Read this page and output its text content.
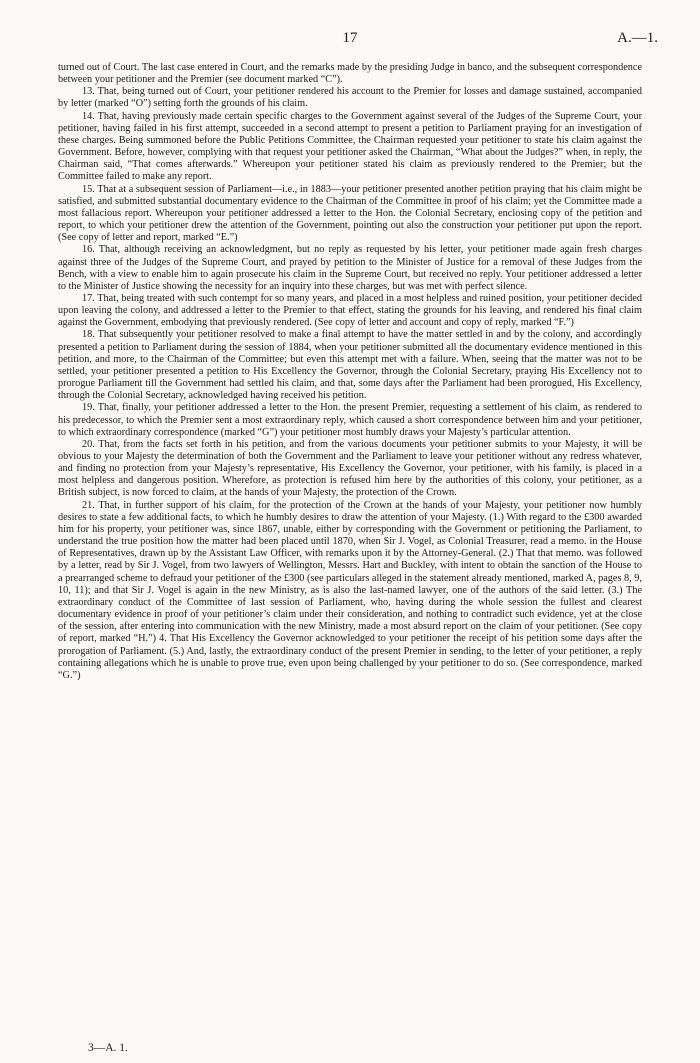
17	A.—1.

turned out of Court. The last case entered in Court, and the remarks made by the presiding Judge in banco, and the subsequent correspondence between your petitioner and the Premier (see document marked “C”).

13. That, being turned out of Court, your petitioner rendered his account to the Premier for losses and damage sustained, accompanied by letter (marked “O”) setting forth the grounds of his claim.

14. That, having previously made certain specific charges to the Government against several of the Judges of the Supreme Court, your petitioner, having failed in his first attempt, succeeded in a second attempt to present a petition to Parliament praying for an investigation of these charges. Being summoned before the Public Petitions Committee, the Chairman requested your petitioner to state his claim against the Government. Before, however, complying with that request your petitioner asked the Chairman, “What about the Judges?” when, in reply, the Chairman said, “That comes afterwards.” Whereupon your petitioner stated his claim as previously rendered to the Premier; but the Committee failed to make any report.

15. That at a subsequent session of Parliament—i.e., in 1883—your petitioner presented another petition praying that his claim might be satisfied, and submitted substantial documentary evidence to the Chairman of the Committee in proof of his claim; yet the Committee made a most fallacious report. Whereupon your petitioner addressed a letter to the Hon. the Colonial Secretary, enclosing copy of the petition and report, to which your petitioner drew the attention of the Government, pointing out also the construction your petitioner put upon the report. (See copy of letter and report, marked “E.”)

16. That, although receiving an acknowledgment, but no reply as requested by his letter, your petitioner made again fresh charges against three of the Judges of the Supreme Court, and prayed by petition to the Minister of Justice for a removal of these Judges from the Bench, with a view to enable him to again prosecute his claim in the Supreme Court, but received no reply. Your petitioner addressed a letter to the Minister of Justice showing the necessity for an inquiry into these charges, but was met with perfect silence.

17. That, being treated with such contempt for so many years, and placed in a most helpless and ruined position, your petitioner decided upon leaving the colony, and addressed a letter to the Premier to that effect, stating the grounds for his leaving, and rendered his final claim against the Government, embodying that previously rendered. (See copy of letter and account and copy of reply, marked “F.”)

18. That subsequently your petitioner resolved to make a final attempt to have the matter settled in and by the colony, and accordingly presented a petition to Parliament during the session of 1884, when your petitioner submitted all the documentary evidence mentioned in this petition, and more, to the Chairman of the Committee; but even this attempt met with a failure. When, seeing that the matter was not to be settled, your petitioner presented a petition to His Excellency the Governor, through the Colonial Secretary, praying His Excellency not to prorogue Parliament till the Government had settled his claim, and that, some days after the Parliament had been prorogued, His Excellency, through the Colonial Secretary, acknowledged having received his petition.

19. That, finally, your petitioner addressed a letter to the Hon. the present Premier, requesting a settlement of his claim, as rendered to his predecessor, to which the Premier sent a most extraordinary reply, which caused a short correspondence between him and your petitioner, to which extraordinary correspondence (marked “G”) your petitioner most humbly draws your Majesty’s particular attention.

20. That, from the facts set forth in his petition, and from the various documents your petitioner submits to your Majesty, it will be obvious to your Majesty the determination of both the Government and the Parliament to leave your petitioner without any redress whatever, and finding no protection from your Majesty’s representative, His Excellency the Governor, your petitioner, with his family, is placed in a most helpless and dangerous position. Wherefore, as protection is refused him here by the authorities of this colony, your petitioner, as a British subject, is now forced to claim, at the hands of your Majesty, the protection of the Crown.

21. That, in further support of his claim, for the protection of the Crown at the hands of your Majesty, your petitioner now humbly desires to state a few additional facts, to which he humbly desires to draw the attention of your Majesty. (1.) With regard to the £300 awarded him for his property, your petitioner was, since 1867, unable, either by corresponding with the Government or petitioning the Parliament, to understand the true position how the matter had been placed until 1870, when Sir J. Vogel, as Colonial Treasurer, read a memo. in the House of Representatives, drawn up by the Assistant Law Officer, with remarks upon it by the Attorney-General. (2.) That that memo. was followed by a letter, read by Sir J. Vogel, from two lawyers of Wellington, Messrs. Hart and Buckley, with intent to obtain the sanction of the House to a prearranged scheme to defraud your petitioner of the £300 (see particulars alleged in the statement already mentioned, marked A, pages 8, 9, 10, 11); and that Sir J. Vogel is again in the new Ministry, as is also the last-named lawyer, one of the authors of the said letter. (3.) The extraordinary conduct of the Committee of last session of Parliament, who, having during the whole session the fullest and clearest documentary evidence in proof of your petitioner’s claim under their consideration, and nothing to contradict such evidence, yet at the close of the session, after entering into communication with the new Ministry, made a most absurd report on the claim of your petitioner. (See copy of report, marked “H.”) 4. That His Excellency the Governor acknowledged to your petitioner the receipt of his petition some days after the prorogation of Parliament. (5.) And, lastly, the extraordinary conduct of the present Premier in sending, to the letter of your petitioner, a reply containing allegations which he is unable to prove true, even upon being challenged by your petitioner to do so. (See correspondence, marked “G.”)

3—A. 1.
